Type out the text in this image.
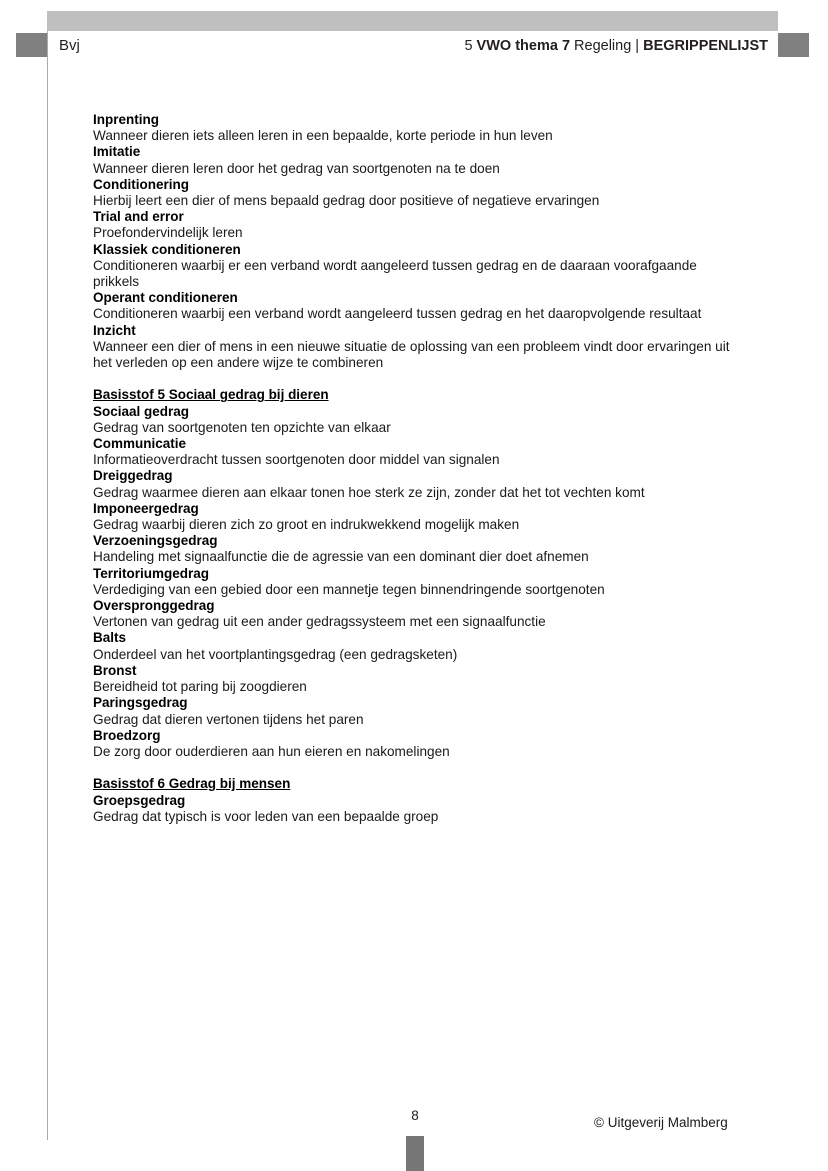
Bvj	5 VWO thema 7 Regeling | BEGRIPPENLIJST
Inprenting
Wanneer dieren iets alleen leren in een bepaalde, korte periode in hun leven
Imitatie
Wanneer dieren leren door het gedrag van soortgenoten na te doen
Conditionering
Hierbij leert een dier of mens bepaald gedrag door positieve of negatieve ervaringen
Trial and error
Proefondervindelijk leren
Klassiek conditioneren
Conditioneren waarbij er een verband wordt aangeleerd tussen gedrag en de daaraan voorafgaande prikkels
Operant conditioneren
Conditioneren waarbij een verband wordt aangeleerd tussen gedrag en het daaropvolgende resultaat
Inzicht
Wanneer een dier of mens in een nieuwe situatie de oplossing van een probleem vindt door ervaringen uit het verleden op een andere wijze te combineren
Basisstof 5 Sociaal gedrag bij dieren
Sociaal gedrag
Gedrag van soortgenoten ten opzichte van elkaar
Communicatie
Informatieoverdracht tussen soortgenoten door middel van signalen
Dreiggedrag
Gedrag waarmee dieren aan elkaar tonen hoe sterk ze zijn, zonder dat het tot vechten komt
Imponeergedrag
Gedrag waarbij dieren zich zo groot en indrukwekkend mogelijk maken
Verzoeningsgedrag
Handeling met signaalfunctie die de agressie van een dominant dier doet afnemen
Territoriumgedrag
Verdediging van een gebied door een mannetje tegen binnendringende soortgenoten
Overspronggedrag
Vertonen van gedrag uit een ander gedragssysteem met een signaalfunctie
Balts
Onderdeel van het voortplantingsgedrag (een gedragsketen)
Bronst
Bereidheid tot paring bij zoogdieren
Paringsgedrag
Gedrag dat dieren vertonen tijdens het paren
Broedzorg
De zorg door ouderdieren aan hun eieren en nakomelingen
Basisstof 6 Gedrag bij mensen
Groepsgedrag
Gedrag dat typisch is voor leden van een bepaalde groep
8	© Uitgeverij Malmberg
